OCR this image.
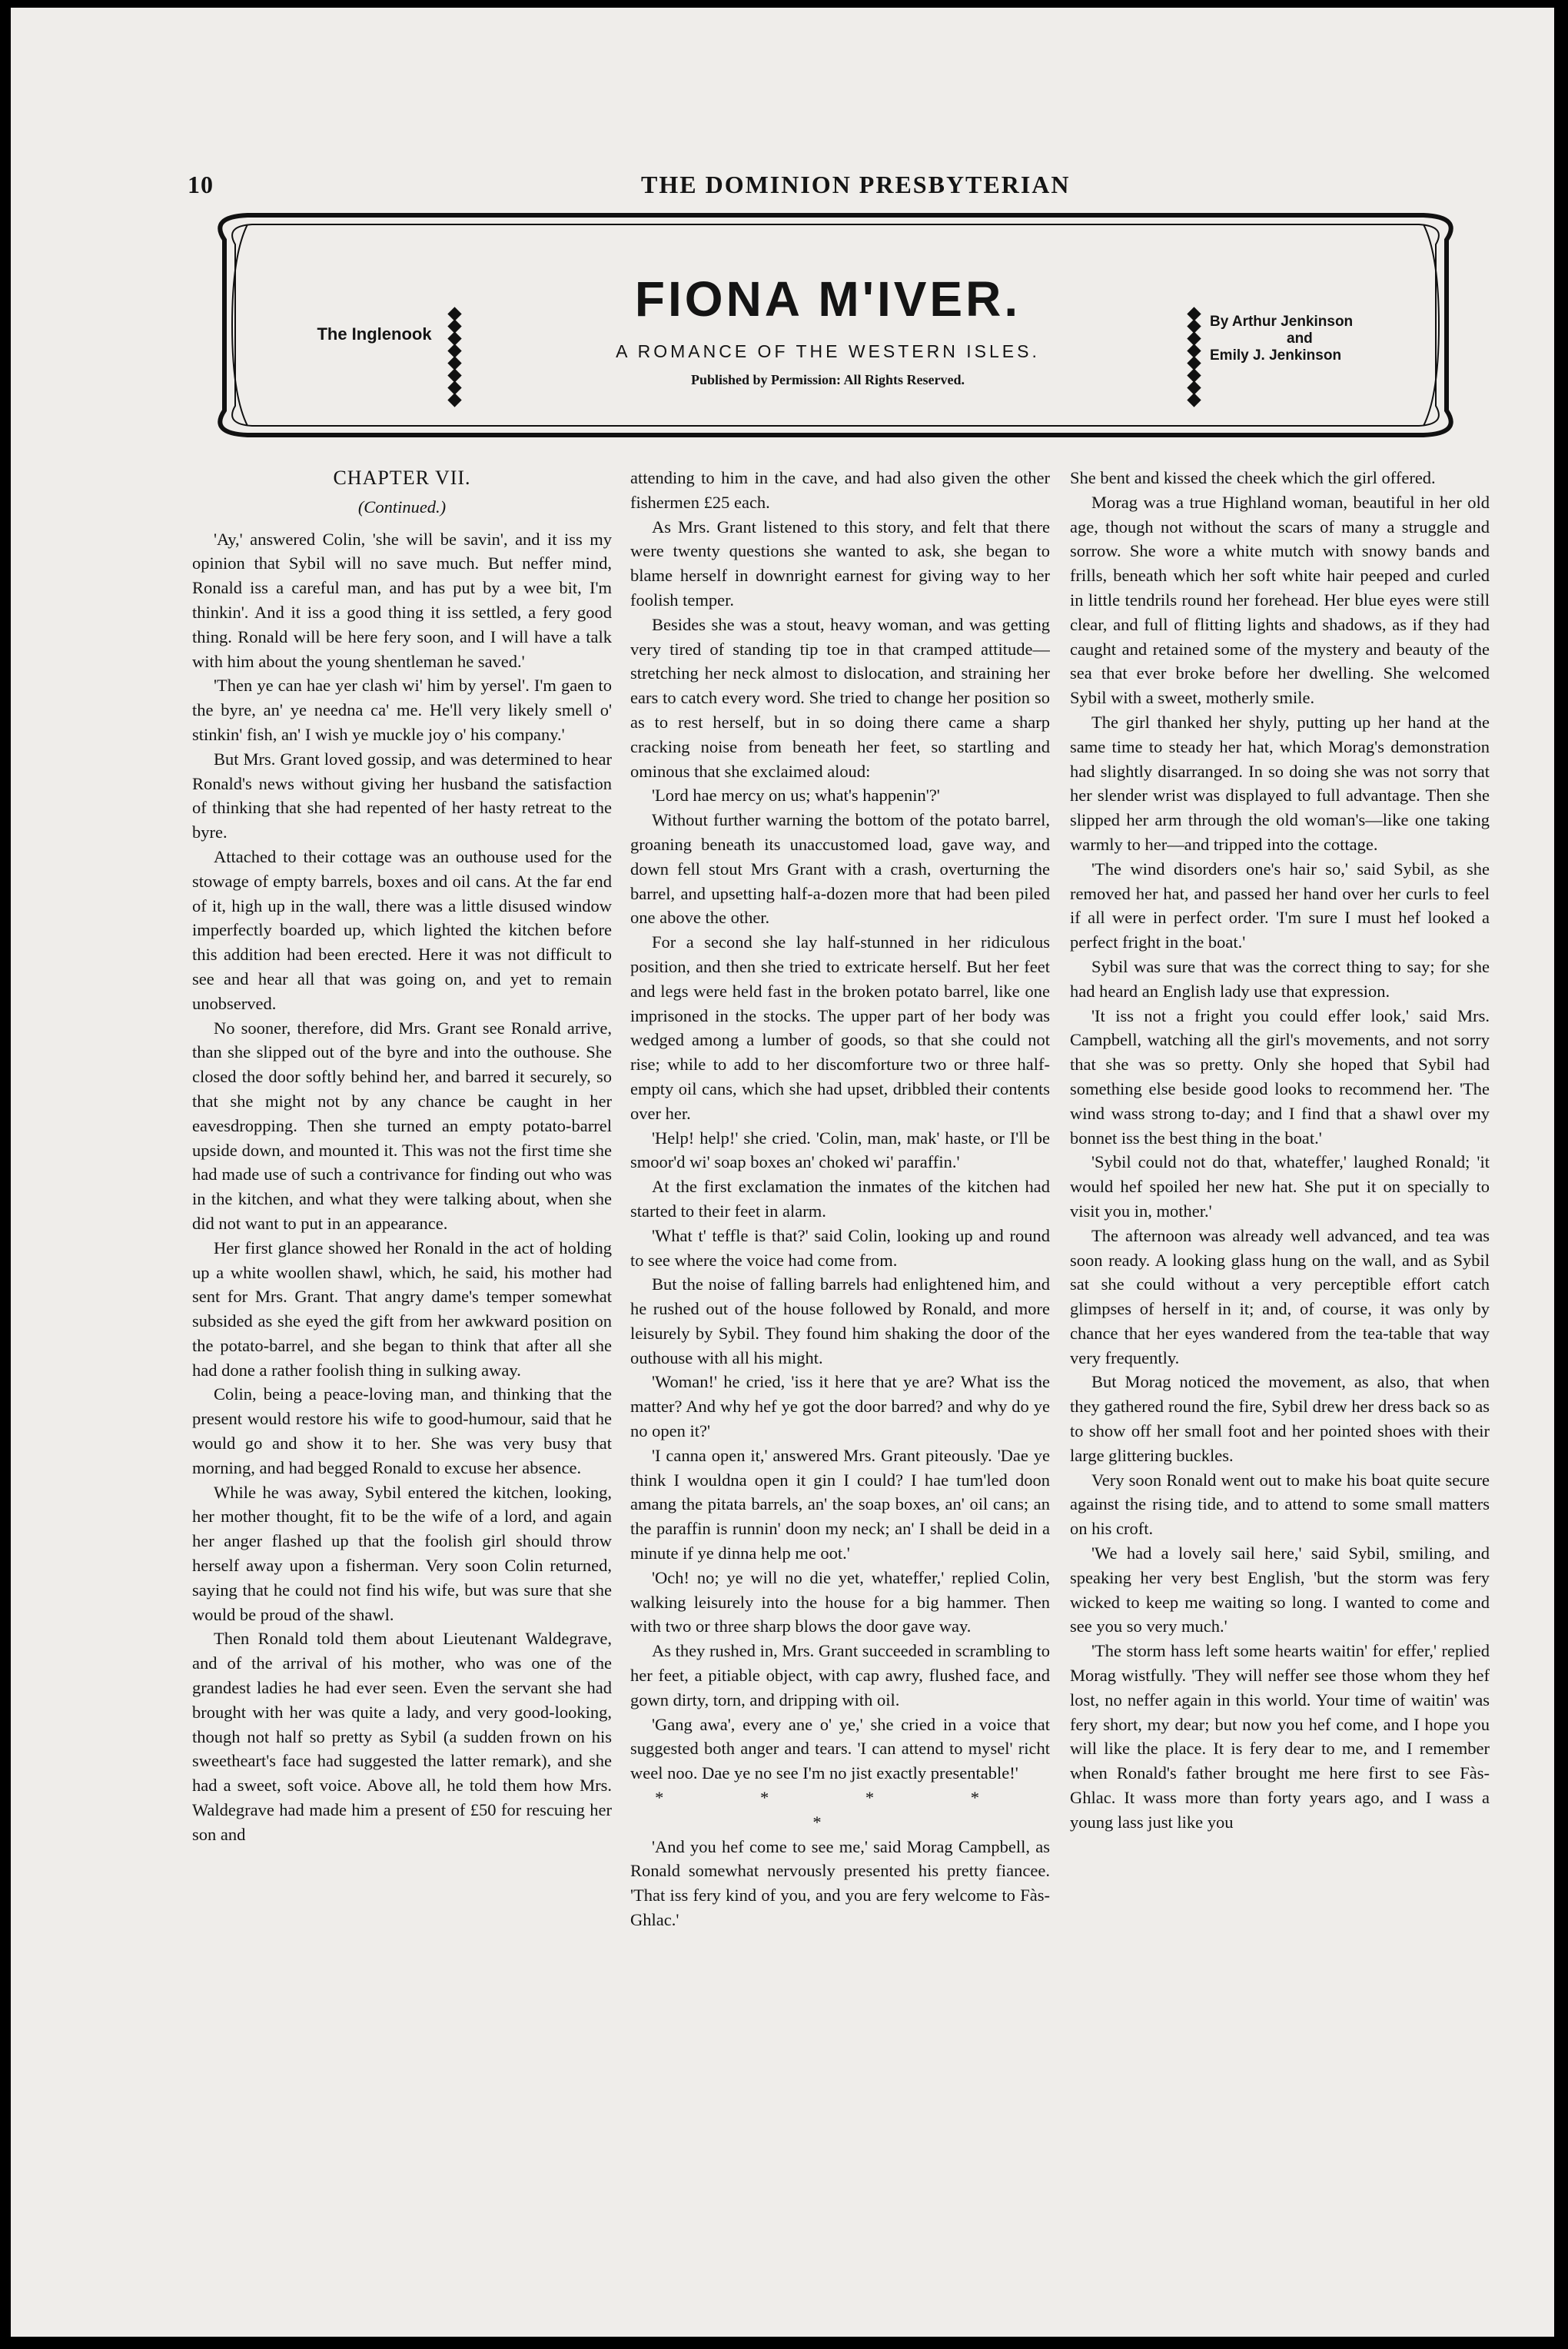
10	THE DOMINION PRESBYTERIAN
The Inglenook
FIONA M'IVER.
A ROMANCE OF THE WESTERN ISLES.
Published by Permission: All Rights Reserved.
By Arthur Jenkinson
and
Emily J. Jenkinson
CHAPTER VII.
(Continued.)

'Ay,' answered Colin, 'she will be savin', and it iss my opinion that Sybil will no save much. But neffer mind, Ronald iss a careful man, and has put by a wee bit, I'm thinkin'. And it iss a good thing it iss settled, a fery good thing. Ronald will be here fery soon, and I will have a talk with him about the young shentleman he saved.'

'Then ye can hae yer clash wi' him by yersel'. I'm gaen to the byre, an' ye needna ca' me. He'll very likely smell o' stinkin' fish, an' I wish ye muckle joy o' his company.'

But Mrs. Grant loved gossip, and was determined to hear Ronald's news without giving her husband the satisfaction of thinking that she had repented of her hasty retreat to the byre.

Attached to their cottage was an outhouse used for the stowage of empty barrels, boxes and oil cans. At the far end of it, high up in the wall, there was a little disused window imperfectly boarded up, which lighted the kitchen before this addition had been erected. Here it was not difficult to see and hear all that was going on, and yet to remain unobserved.

No sooner, therefore, did Mrs. Grant see Ronald arrive, than she slipped out of the byre and into the outhouse. She closed the door softly behind her, and barred it securely, so that she might not by any chance be caught in her eavesdropping. Then she turned an empty potato-barrel upside down, and mounted it. This was not the first time she had made use of such a contrivance for finding out who was in the kitchen, and what they were talking about, when she did not want to put in an appearance.

Her first glance showed her Ronald in the act of holding up a white woollen shawl, which, he said, his mother had sent for Mrs. Grant. That angry dame's temper somewhat subsided as she eyed the gift from her awkward position on the potato-barrel, and she began to think that after all she had done a rather foolish thing in sulking away.

Colin, being a peace-loving man, and thinking that the present would restore his wife to good-humour, said that he would go and show it to her. She was very busy that morning, and had begged Ronald to excuse her absence.

While he was away, Sybil entered the kitchen, looking, her mother thought, fit to be the wife of a lord, and again her anger flashed up that the foolish girl should throw herself away upon a fisherman. Very soon Colin returned, saying that he could not find his wife, but was sure that she would be proud of the shawl.

Then Ronald told them about Lieutenant Waldegrave, and of the arrival of his mother, who was one of the grandest ladies he had ever seen. Even the servant she had brought with her was quite a lady, and very good-looking, though not half so pretty as Sybil (a sudden frown on his sweetheart's face had suggested the latter remark), and she had a sweet, soft voice. Above all, he told them how Mrs. Waldegrave had made him a present of £50 for rescuing her son and

attending to him in the cave, and had also given the other fishermen £25 each.

As Mrs. Grant listened to this story, and felt that there were twenty questions she wanted to ask, she began to blame herself in downright earnest for giving way to her foolish temper.

Besides she was a stout, heavy woman, and was getting very tired of standing tip toe in that cramped attitude—stretching her neck almost to dislocation, and straining her ears to catch every word. She tried to change her position so as to rest herself, but in so doing there came a sharp cracking noise from beneath her feet, so startling and ominous that she exclaimed aloud:

'Lord hae mercy on us; what's happenin'?'

Without further warning the bottom of the potato barrel, groaning beneath its unaccustomed load, gave way, and down fell stout Mrs Grant with a crash, overturning the barrel, and upsetting half-a-dozen more that had been piled one above the other.

For a second she lay half-stunned in her ridiculous position, and then she tried to extricate herself. But her feet and legs were held fast in the broken potato barrel, like one imprisoned in the stocks. The upper part of her body was wedged among a lumber of goods, so that she could not rise; while to add to her discomforture two or three half-empty oil cans, which she had upset, dribbled their contents over her.

'Help! help!' she cried. 'Colin, man, mak' haste, or I'll be smoor'd wi' soap boxes an' choked wi' paraffin.'

At the first exclamation the inmates of the kitchen had started to their feet in alarm.

'What t' teffle is that?' said Colin, looking up and round to see where the voice had come from.

But the noise of falling barrels had enlightened him, and he rushed out of the house followed by Ronald, and more leisurely by Sybil. They found him shaking the door of the outhouse with all his might.

'Woman!' he cried, 'iss it here that ye are? What iss the matter? And why hef ye got the door barred? and why do ye no open it?'

'I canna open it,' answered Mrs. Grant piteously. 'Dae ye think I wouldna open it gin I could? I hae tum'led doon amang the pitata barrels, an' the soap boxes, an' oil cans; an the paraffin is runnin' doon my neck; an' I shall be deid in a minute if ye dinna help me oot.'

'Och! no; ye will no die yet, whateffer,' replied Colin, walking leisurely into the house for a big hammer. Then with two or three sharp blows the door gave way.

As they rushed in, Mrs. Grant succeeded in scrambling to her feet, a pitiable object, with cap awry, flushed face, and gown dirty, torn, and dripping with oil.

'Gang awa', every ane o' ye,' she cried in a voice that suggested both anger and tears. 'I can attend to mysel' richt weel noo. Dae ye no see I'm no jist exactly presentable!'

* * * * *

'And you hef come to see me,' said Morag Campbell, as Ronald somewhat nervously presented his pretty fiancee. 'That iss fery kind of you, and you are fery welcome to Fàs-Ghlac.'

She bent and kissed the cheek which the girl offered.

Morag was a true Highland woman, beautiful in her old age, though not without the scars of many a struggle and sorrow. She wore a white mutch with snowy bands and frills, beneath which her soft white hair peeped and curled in little tendrils round her forehead. Her blue eyes were still clear, and full of flitting lights and shadows, as if they had caught and retained some of the mystery and beauty of the sea that ever broke before her dwelling. She welcomed Sybil with a sweet, motherly smile.

The girl thanked her shyly, putting up her hand at the same time to steady her hat, which Morag's demonstration had slightly disarranged. In so doing she was not sorry that her slender wrist was displayed to full advantage. Then she slipped her arm through the old woman's—like one taking warmly to her—and tripped into the cottage.

'The wind disorders one's hair so,' said Sybil, as she removed her hat, and passed her hand over her curls to feel if all were in perfect order. 'I'm sure I must hef looked a perfect fright in the boat.'

Sybil was sure that was the correct thing to say; for she had heard an English lady use that expression.

'It iss not a fright you could effer look,' said Mrs. Campbell, watching all the girl's movements, and not sorry that she was so pretty. Only she hoped that Sybil had something else beside good looks to recommend her. 'The wind wass strong to-day; and I find that a shawl over my bonnet iss the best thing in the boat.'

'Sybil could not do that, whateffer,' laughed Ronald; 'it would hef spoiled her new hat. She put it on specially to visit you in, mother.'

The afternoon was already well advanced, and tea was soon ready. A looking glass hung on the wall, and as Sybil sat she could without a very perceptible effort catch glimpses of herself in it; and, of course, it was only by chance that her eyes wandered from the tea-table that way very frequently.

But Morag noticed the movement, as also, that when they gathered round the fire, Sybil drew her dress back so as to show off her small foot and her pointed shoes with their large glittering buckles.

Very soon Ronald went out to make his boat quite secure against the rising tide, and to attend to some small matters on his croft.

'We had a lovely sail here,' said Sybil, smiling, and speaking her very best English, 'but the storm was fery wicked to keep me waiting so long. I wanted to come and see you so very much.'

'The storm hass left some hearts waitin' for effer,' replied Morag wistfully. 'They will neffer see those whom they hef lost, no neffer again in this world. Your time of waitin' was fery short, my dear; but now you hef come, and I hope you will like the place. It is fery dear to me, and I remember when Ronald's father brought me here first to see Fàs-Ghlac. It wass more than forty years ago, and I wass a young lass just like you
